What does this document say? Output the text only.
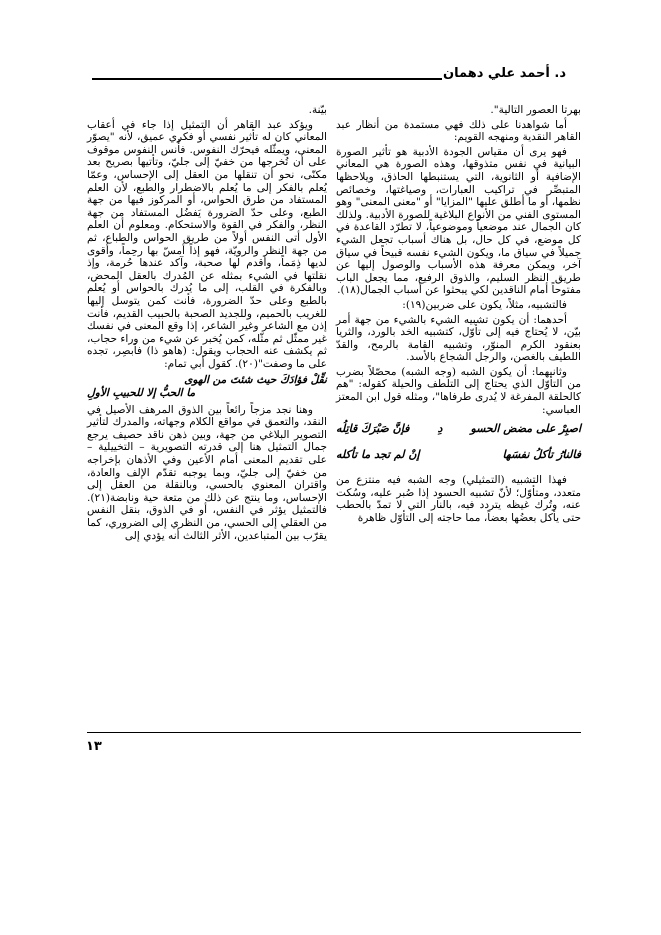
د. أحمد علي دهمان

بهرتا العصور التالية".

أما شواهدنا على ذلك فهي مستمدة من أنظار عبد القاهر النقدية ومنهجه القويم:

فهو يرى أن مقياس الجودة الأدبية هو تأثير الصورة البيانية في نفس متذوقها، وهذه الصورة هي المعاني الإضافية أو الثانوية، التي يستنبطها الحاذق، ويلاحظها المتبصِّر في تراكيب العبارات، وصياغتها، وخصائص نظمها، أو ما أطلق عليها "المزايا" أو "معنى المعنى" وهو المستوى الفني من الأنواع البلاغية للصورة الأدبية. ولذلك كان الجمال عند موضعياً وموضوعياً، لا تطرّد القاعدة في كل موضع، في كل حال، بل هناك أسباب تجعل الشيء جميلاً في سياق ما، ويكون الشيء نفسه قبيحاً في سياق آخر، ويمكن معرفة هذه الأسباب والوصول إليها عن طريق النظر السليم، والذوق الرفيع، مما يجعل الباب مفتوحاً أمام الناقدين لكي يبحثوا عن أسباب الجمال(١٨).

فالتشبيه، مثلاً، يكون على ضربين(١٩):

أحدهما: أن يكون تشبيه الشيء بالشيء من جهة أمر بيّن، لا يُحتاج فيه إلى تأوّل، كتشبيه الخد بالورد، والثريا بعنقود الكرم المنوّر، وتشبيه القامة بالرمح، والقدّ اللطيف بالغصن، والرجل الشجاع بالأسد.

وثانيهما: أن يكون الشبه (وجه الشبه) محصّلاً بضرب من التأوّل الذي يحتاج إلى التلطف والحيلة كقوله: "هم كالحلقة المفرغة لا يُدرى طرفاها"، ومثله قول ابن المعتز العباسي:

اصبِرْ على مضض الحسو
دِ
فإنَّ صَبْرَكَ قاتِلُه
فالنارُ تأكلُ نفسَها
إنْ لم تجد ما تأكله

فهذا التشبيه (التمثيلي) وجه الشبه فيه منتزع من متعدد، ومتأوّل؛ لأنّ تشبيه الحسود إذا صُبر عليه، وسُكت عنه، وتُرك غيظه يتردد فيه، بالنار التي لا تمدّ بالحطب حتى يأكل بعضُها بعضاً، مما حاجته إلى التأوّل ظاهرة

بيّنة.

ويؤكد عبد القاهر أن التمثيل إذا جاء في أعقاب المعاني كان له تأثير نفسي أو فكري عميق، لأنه "يصوّر المعنى، ويمثّله فيحرّك النفوس. فأُنس النفوس موقوف على أن تُخرجها من خفيّ إلى جليّ، وتأتيها بصريح بعد مكنّى، نحو أن تنقلها من العقل إلى الإحساس، وعمّا يُعلم بالفكر إلى ما يُعلم بالاضطرار والطبع، لأن العلم المستفاد من طرق الحواس، أو المركوز فيها من جهة الطبع، وعلى حدّ الضرورة يَفضُل المستفاد من جهة النظر، والفكر في القوة والاستحكام. ومعلوم أن العلم الأول أتى النفس أولاً من طريق الحواس والطباع، ثم من جهة النظر والرويّة، فهو إذاً أمسّ بها رحِماً، وأقوى لديها ذِمَماً، وأقدم لها صحبة، وآكد عندها حُرمة، وإذ نقلتها في الشيء بمثله عن المُدرك بالعقل المحض، وبالفكرة في القلب، إلى ما يُدرك بالحواس أو يُعلم بالطبع وعلى حدّ الضرورة، فأنت كمن يتوسل إليها للغريب بالحميم، وللجديد الصحبة بالحبيب القديم، فأنت إذن مع الشاعر وغير الشاعر، إذا وقع المعنى في نفسك غير ممثّل ثم مثّله، كمن يُخبر عن شيء من وراء حجاب، ثم يكشف عنه الحجاب ويقول: (هاهو ذا) فأبصِر، تجده على ما وصفت"(٢٠). كقول أبي تمام:

نقِّلْ فؤادَكَ حيث شئتَ من الهوى
ما الحبُّ إلا للحبيبِ الأولِ

وهنا نجد مزجاً رائعاً بين الذوق المرهف الأصيل في النقد، والتعمق في مواقع الكلام وجهاته، والمدرك لتأثير التصوير البلاغي من جهة، وبين ذهن ناقد حصيف يرجع جمال التمثيل هنا إلى قدرته التصويرية – التخييلية – على تقديم المعنى أمام الأعين وفي الأذهان بإخراجه من خفيّ إلى جليّ، وبما يوجبه تقدّم الإلف والعادة، واقتران المعنوي بالحسي، وبالنقلة من العقل إلى الإحساس، وما ينتج عن ذلك من متعة حية ونابضة(٢١). فالتمثيل يؤثر في النفس، أو في الذوق، بنقل النفس من العقلي إلى الحسي، من النظري إلى الضروري، كما يقرّب بين المتباعدين، الأثر الثالث أنه يؤدي إلى

١٣
